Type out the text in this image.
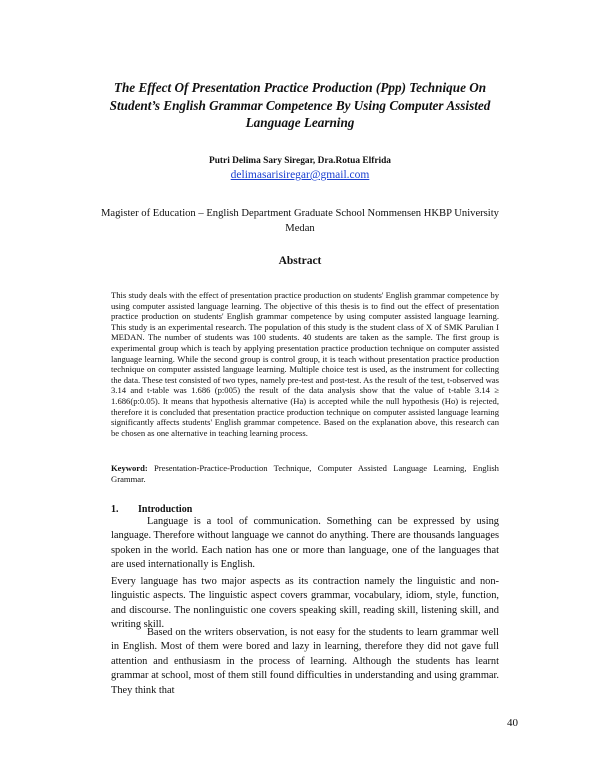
The Effect Of Presentation Practice Production (Ppp) Technique On Student’s English Grammar Competence By Using Computer Assisted Language Learning
Putri Delima Sary Siregar, Dra.Rotua Elfrida
delimasarisiregar@gmail.com
Magister of Education – English Department Graduate School Nommensen HKBP University Medan
Abstract

This study deals with the effect of presentation practice production on students' English grammar competence by using computer assisted language learning. The objective of this thesis is to find out the effect of presentation practice production on students' English grammar competence by using computer assisted language learning. This study is an experimental research. The population of this study is the student class of X of SMK Parulian I MEDAN. The number of students was 100 students. 40 students are taken as the sample. The first group is experimental group which is teach by applying presentation practice production technique on computer assisted language learning. While the second group is control group, it is teach without presentation practice production technique on computer assisted language learning. Multiple choice test is used, as the instrument for collecting the data. These test consisted of two types, namely pre-test and post-test. As the result of the test, t-observed was 3.14 and t-table was 1.686 (p:005) the result of the data analysis show that the value of t-table 3.14 ≥ 1.686(p:0.05). It means that hypothesis alternative (Ha) is accepted while the null hypothesis (Ho) is rejected, therefore it is concluded that presentation practice production technique on computer assisted language learning significantly affects students' English grammar competence. Based on the explanation above, this research can be chosen as one alternative in teaching learning process.

Keyword: Presentation-Practice-Production Technique, Computer Assisted Language Learning, English Grammar.

1. Introduction

Language is a tool of communication. Something can be expressed by using language. Therefore without language we cannot do anything. There are thousands languages spoken in the world. Each nation has one or more than language, one of the languages that are used internationally is English.

Every language has two major aspects as its contraction namely the linguistic and non-linguistic aspects. The linguistic aspect covers grammar, vocabulary, idiom, style, function, and discourse. The nonlinguistic one covers speaking skill, reading skill, listening skill, and writing skill.

Based on the writers observation, is not easy for the students to learn grammar well in English. Most of them were bored and lazy in learning, therefore they did not gave full attention and enthusiasm in the process of learning. Although the students has learnt grammar at school, most of them still found difficulties in understanding and using grammar. They think that

40
